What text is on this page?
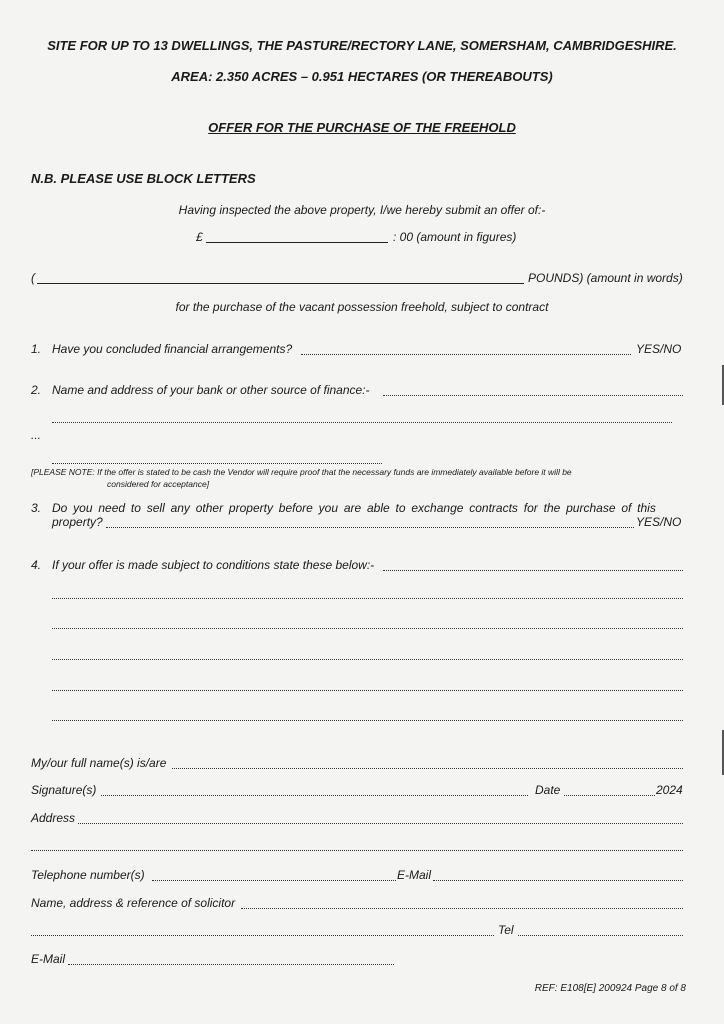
SITE FOR UP TO 13 DWELLINGS, THE PASTURE/RECTORY LANE, SOMERSHAM, CAMBRIDGESHIRE.
AREA: 2.350 ACRES – 0.951 HECTARES (OR THEREABOUTS)
OFFER FOR THE PURCHASE OF THE FREEHOLD
N.B. PLEASE USE BLOCK LETTERS
Having inspected the above property, I/we hereby submit an offer of:-
£	: 00 (amount in figures)
(	POUNDS) (amount in words)
for the purchase of the vacant possession freehold, subject to contract
1. Have you concluded financial arrangements?	YES/NO
2. Name and address of your bank or other source of finance:-
...
[PLEASE NOTE: If the offer is stated to be cash the Vendor will require proof that the necessary funds are immediately available before it will be
considered for acceptance]
3. Do you need to sell any other property before you are able to exchange contracts for the purchase of this
property?	YES/NO
4. If your offer is made subject to conditions state these below:-
My/our full name(s) is/are
Signature(s)	Date	2024
Address
Telephone number(s)	E-Mail
Name, address & reference of solicitor
Tel
E-Mail
REF: E108[E] 200924 Page 8 of 8
